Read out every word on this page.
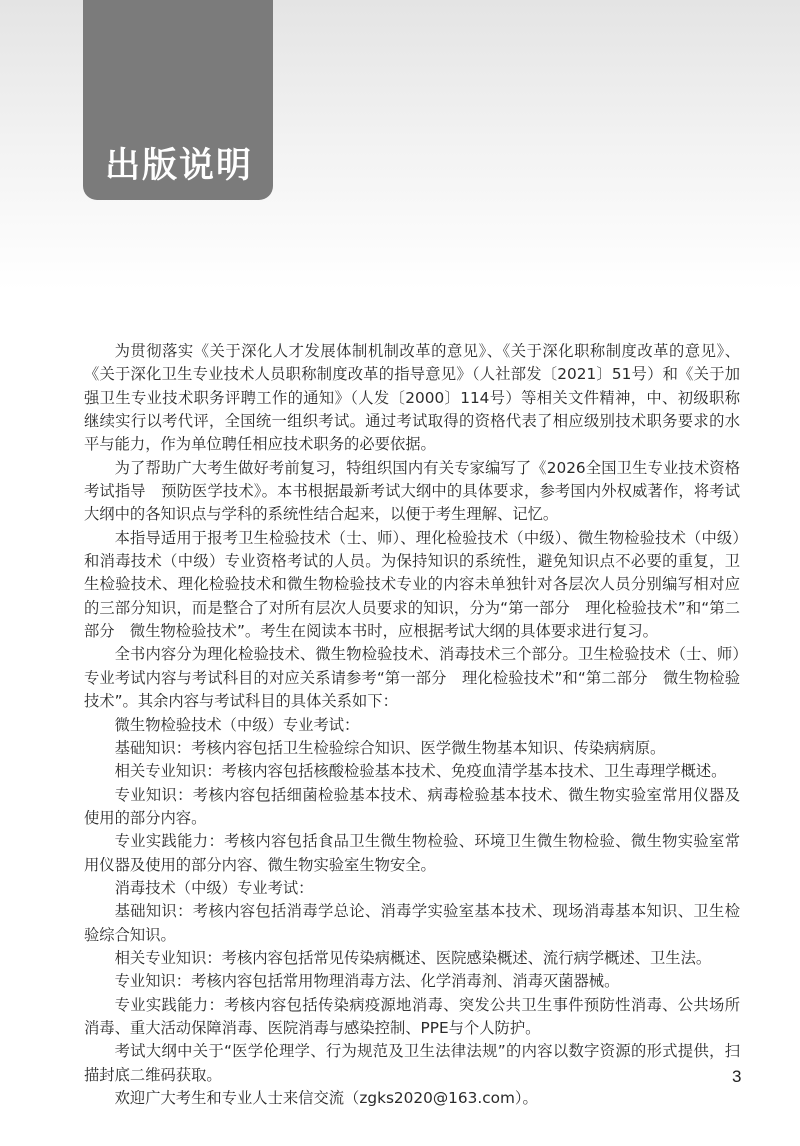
出版说明

为贯彻落实《关于深化人才发展体制机制改革的意见》、《关于深化职称制度改革的意见》、《关于深化卫生专业技术人员职称制度改革的指导意见》（人社部发〔2021〕51号）和《关于加强卫生专业技术职务评聘工作的通知》（人发〔2000〕114号）等相关文件精神，中、初级职称继续实行以考代评，全国统一组织考试。通过考试取得的资格代表了相应级别技术职务要求的水平与能力，作为单位聘任相应技术职务的必要依据。

为了帮助广大考生做好考前复习，特组织国内有关专家编写了《2026全国卫生专业技术资格考试指导　预防医学技术》。本书根据最新考试大纲中的具体要求，参考国内外权威著作，将考试大纲中的各知识点与学科的系统性结合起来，以便于考生理解、记忆。

本指导适用于报考卫生检验技术（士、师）、理化检验技术（中级）、微生物检验技术（中级）和消毒技术（中级）专业资格考试的人员。为保持知识的系统性，避免知识点不必要的重复，卫生检验技术、理化检验技术和微生物检验技术专业的内容未单独针对各层次人员分别编写相对应的三部分知识，而是整合了对所有层次人员要求的知识，分为“第一部分　理化检验技术”和“第二部分　微生物检验技术”。考生在阅读本书时，应根据考试大纲的具体要求进行复习。

全书内容分为理化检验技术、微生物检验技术、消毒技术三个部分。卫生检验技术（士、师）专业考试内容与考试科目的对应关系请参考“第一部分　理化检验技术”和“第二部分　微生物检验技术”。其余内容与考试科目的具体关系如下：

微生物检验技术（中级）专业考试：

基础知识：考核内容包括卫生检验综合知识、医学微生物基本知识、传染病病原。

相关专业知识：考核内容包括核酸检验基本技术、免疫血清学基本技术、卫生毒理学概述。

专业知识：考核内容包括细菌检验基本技术、病毒检验基本技术、微生物实验室常用仪器及使用的部分内容。

专业实践能力：考核内容包括食品卫生微生物检验、环境卫生微生物检验、微生物实验室常用仪器及使用的部分内容、微生物实验室生物安全。

消毒技术（中级）专业考试：

基础知识：考核内容包括消毒学总论、消毒学实验室基本技术、现场消毒基本知识、卫生检验综合知识。

相关专业知识：考核内容包括常见传染病概述、医院感染概述、流行病学概述、卫生法。

专业知识：考核内容包括常用物理消毒方法、化学消毒剂、消毒灭菌器械。

专业实践能力：考核内容包括传染病疫源地消毒、突发公共卫生事件预防性消毒、公共场所消毒、重大活动保障消毒、医院消毒与感染控制、PPE与个人防护。

考试大纲中关于“医学伦理学、行为规范及卫生法律法规”的内容以数字资源的形式提供，扫描封底二维码获取。

欢迎广大考生和专业人士来信交流（zgks2020@163.com）。

3
